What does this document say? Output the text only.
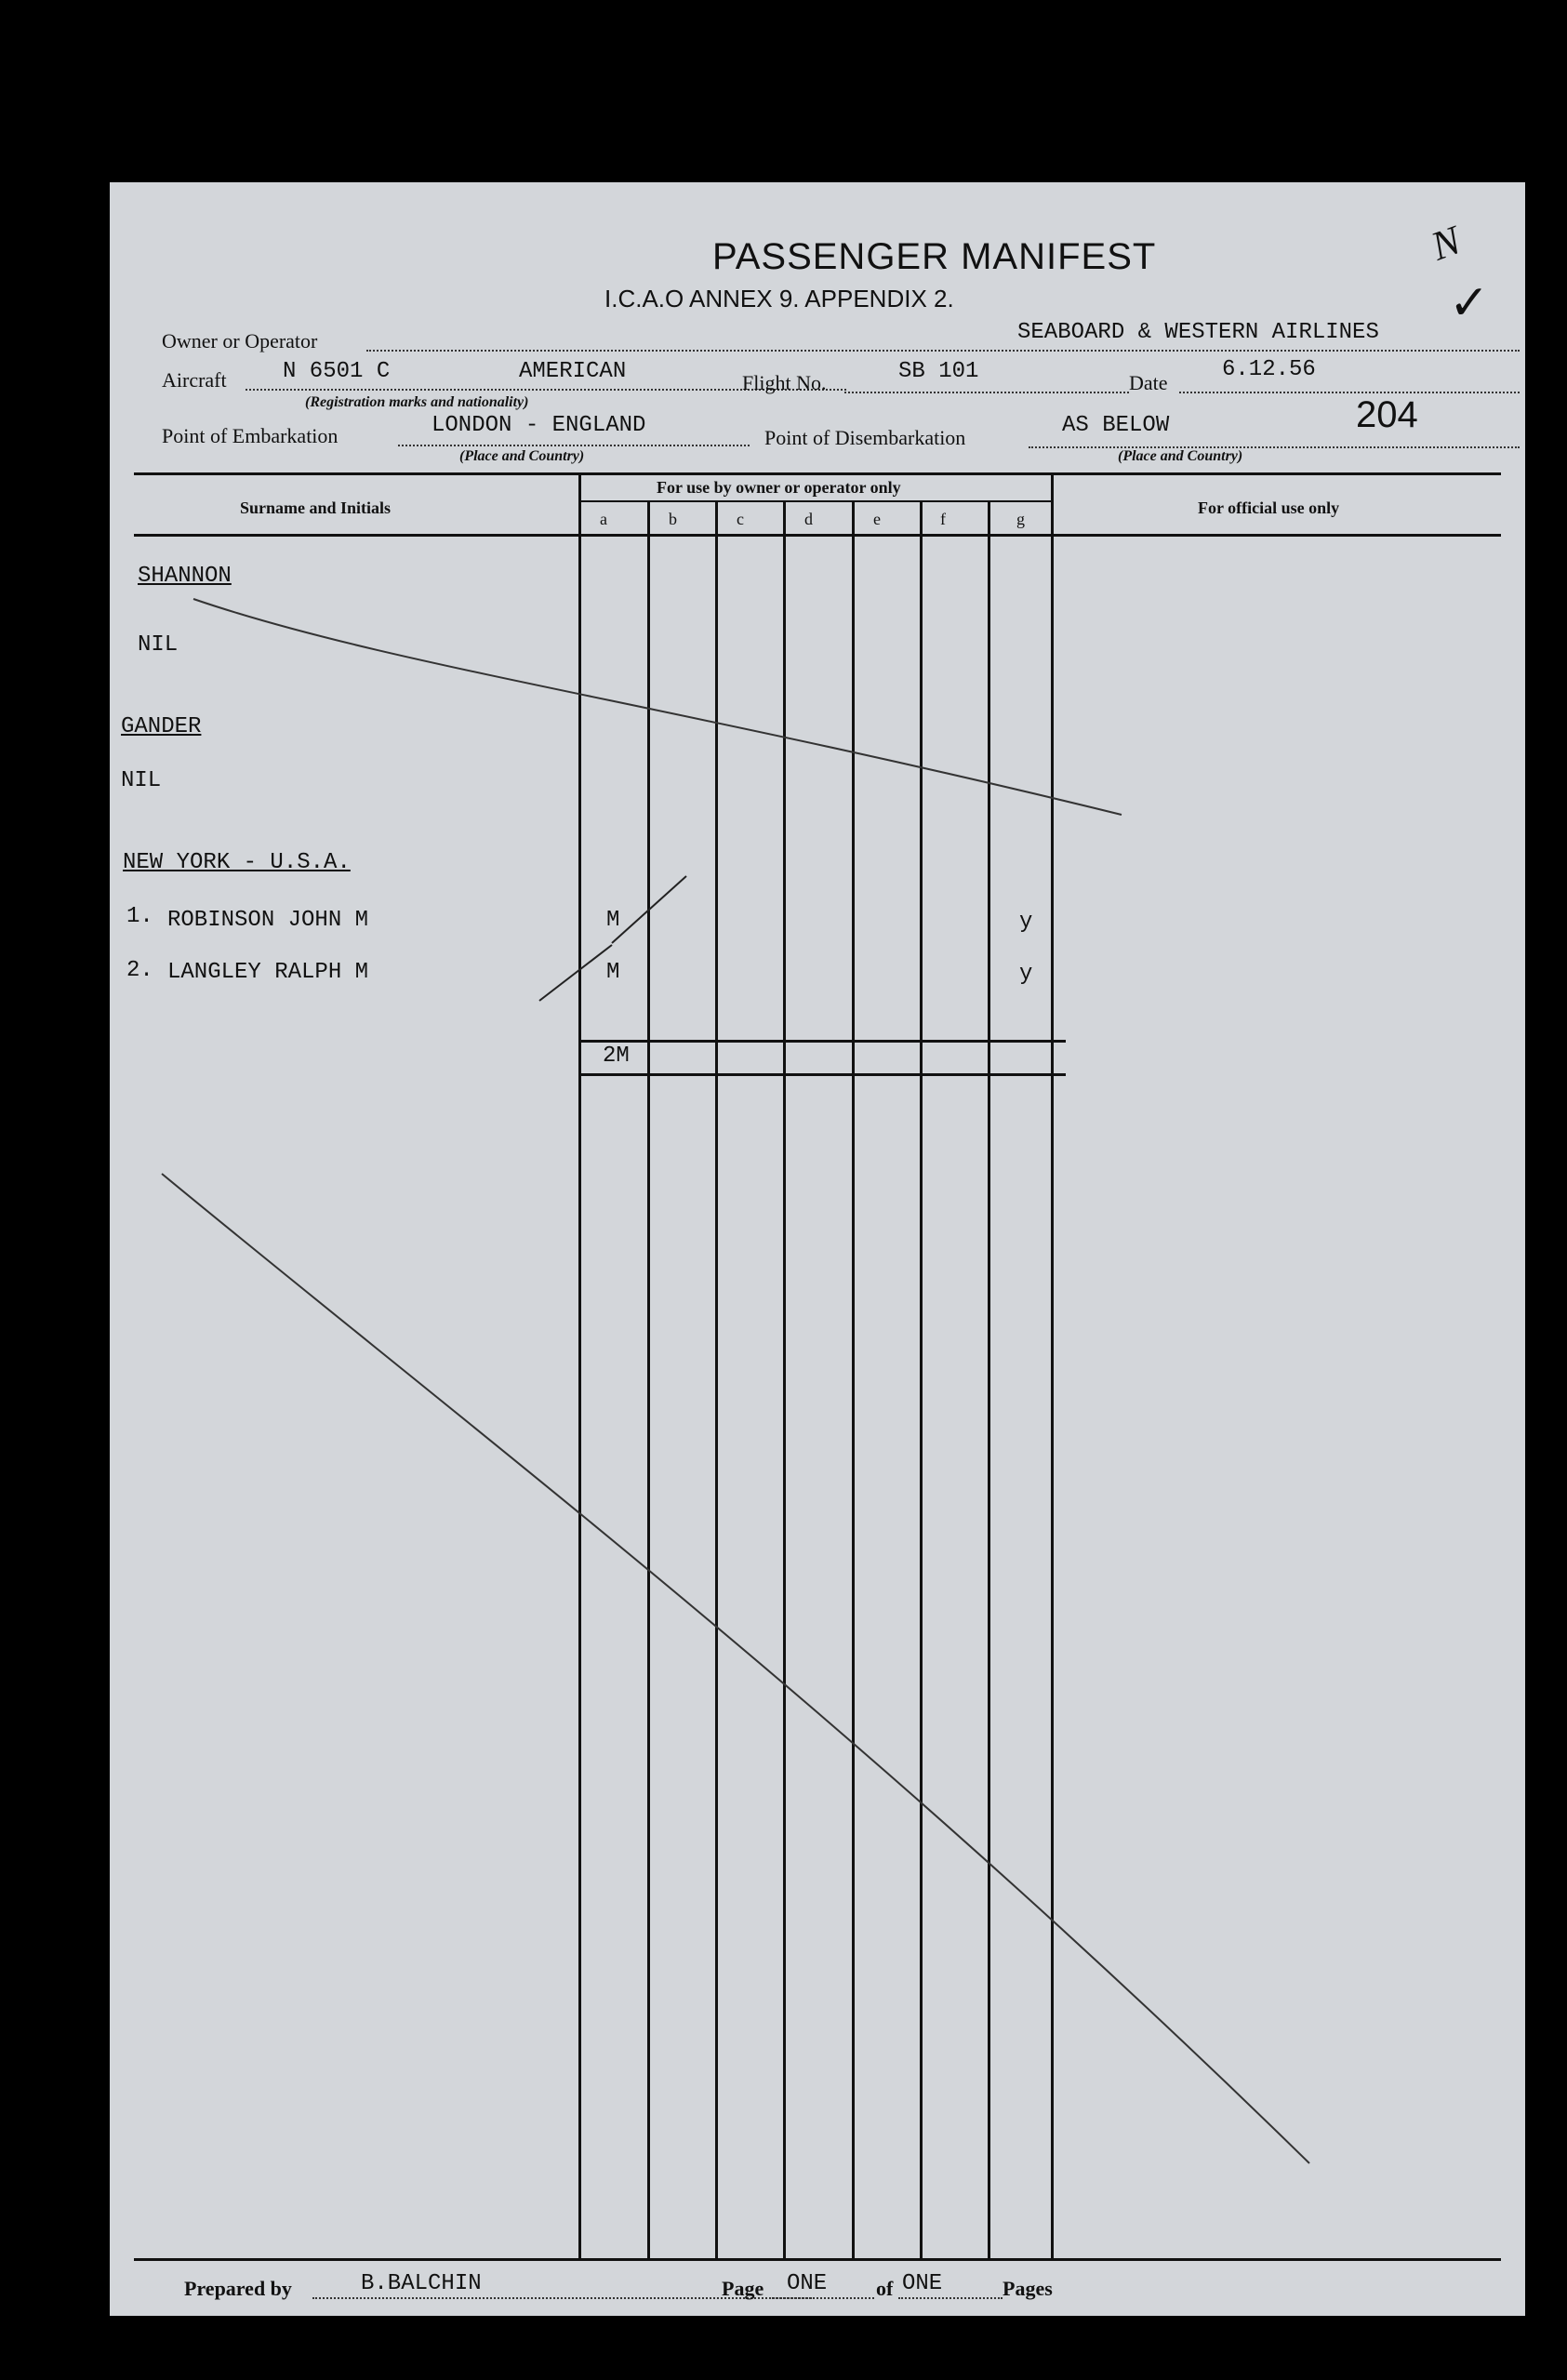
N
✓
PASSENGER MANIFEST
I.C.A.O ANNEX 9. APPENDIX 2.
Owner or Operator	SEABOARD & WESTERN AIRLINES
Aircraft	N 6501 C	AMERICAN	Flight No.	SB 101	Date
6.12.56
(Registration marks and nationality)	204
Point of Embarkation	LONDON - ENGLAND	Point of Disembarkation	AS BELOW
(Place and Country)	(Place and Country)
Surname and Initials
For use by owner or operator only
For official use only
a	b	c	d	e	f	g
SHANNON
NIL
GANDER
NIL
NEW YORK - U.S.A.
1. ROBINSON JOHN M	M	y
2. LANGLEY RALPH M	M	y
2M
Prepared by	B.BALCHIN	Page ONE of ONE	Pages
